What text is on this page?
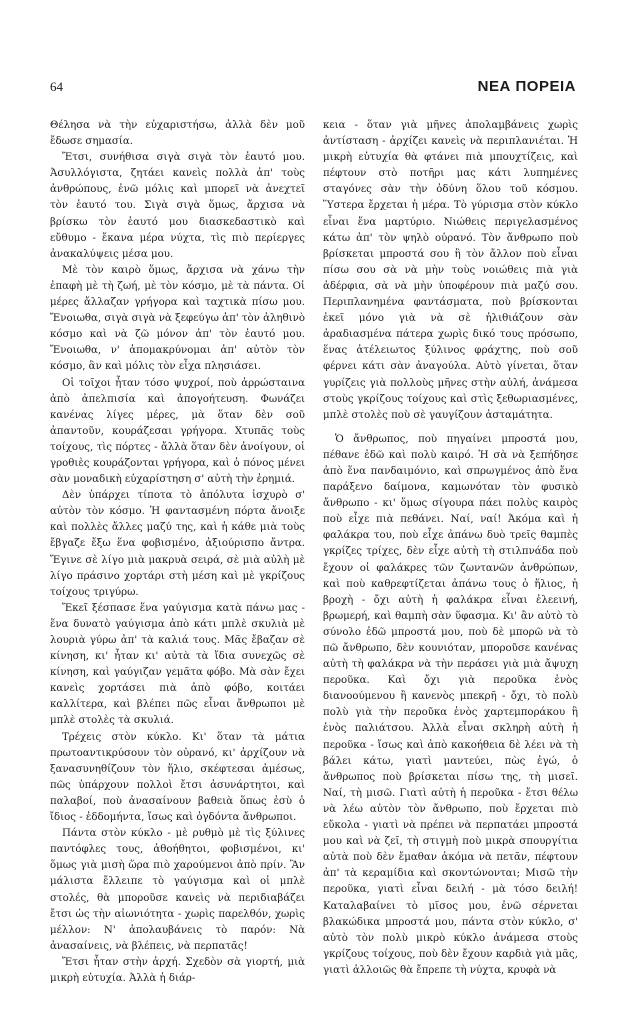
64	ΝΕΑ ΠΟΡΕΙΑ

Θέλησα νὰ τὴν εὐχαριστήσω, ἀλλὰ δὲν μοῦ ἔδωσε σημασία.

Ἔτσι, συνήθισα σιγὰ σιγὰ τὸν ἑαυτό μου. Ἀσυλλόγιστα, ζητάει κανεὶς πολλὰ ἀπ' τοὺς ἀνθρώπους, ἐνῶ μόλις καὶ μπορεῖ νὰ ἀνεχτεῖ τὸν ἑαυτό του. Σιγὰ σιγὰ ὅμως, ἄρχισα νὰ βρίσκω τὸν ἑαυτό μου διασκεδαστικὸ καὶ εὔθυμο - ἔκανα μέρα νύχτα, τὶς πιὸ περίεργες ἀνακαλύψεις μέσα μου.

Μὲ τὸν καιρὸ ὅμως, ἄρχισα νὰ χάνω τὴν ἐπαφὴ μὲ τὴ ζωή, μὲ τὸν κόσμο, μὲ τὰ πάντα. Οἱ μέρες ἄλλαζαν γρήγορα καὶ ταχτικὰ πίσω μου. Ἔνοιωθα, σιγὰ σιγὰ νὰ ξεφεύγω ἀπ' τὸν ἀληθινὸ κόσμο καὶ νὰ ζῶ μόνον ἀπ' τὸν ἑαυτό μου. Ἔνοιωθα, ν' ἀπομακρύνομαι ἀπ' αὐτὸν τὸν κόσμο, ἂν καὶ μόλις τὸν εἶχα πλησιάσει.

Οἱ τοῖχοι ἦταν τόσο ψυχροί, ποὺ ἀρρώσταινα ἀπὸ ἀπελπισία καὶ ἀπογοήτευση. Φωνάζει κανένας λίγες μέρες, μὰ ὅταν δὲν σοῦ ἀπαντοῦν, κουράζεσαι γρήγορα. Χτυπᾶς τοὺς τοίχους, τὶς πόρτες - ἄλλὰ ὅταν δὲν ἀνοίγουν, οἱ γροθιὲς κουράζονται γρήγορα, καὶ ὁ πόνος μένει σὰν μοναδικὴ εὐχαρίστηση σ' αὐτὴ τὴν ἐρημιά.

Δὲν ὑπάρχει τίποτα τὸ ἀπόλυτα ἰσχυρὸ σ' αὐτὸν τὸν κόσμο. Ἡ φαντασμένη πόρτα ἄνοιξε καὶ πολλὲς ἄλλες μαζύ της, καὶ ἡ κάθε μιὰ τοὺς ἔβγαζε ἔξω ἕνα φοβισμένο, ἀξιούρισπο ἄντρα. Ἔγινε σὲ λίγο μιὰ μακρυὰ σειρά, σὲ μιὰ αὐλὴ μὲ λίγο πράσινο χορτάρι στὴ μέση καὶ μὲ γκρίζους τοίχους τριγύρω.

Ἔκεῖ ξέσπασε ἕνα γαύγισμα κατὰ πάνω μας - ἕνα δυνατὸ γαύγισμα ἀπὸ κάτι μπλὲ σκυλιὰ μὲ λουριὰ γύρω ἀπ' τὰ καλιά τους. Μᾶς ἔβαζαν σὲ κίνηση, κι' ἦταν κι' αὐτὰ τὰ ἴδια συνεχῶς σὲ κίνηση, καὶ γαύγιζαν γεμᾶτα φόβο. Μὰ σὰν ἔχει κανεὶς χορτάσει πιὰ ἀπὸ φόβο, κοιτάει καλλίτερα, καὶ βλέπει πῶς εἶναι ἄνθρωποι μὲ μπλὲ στολὲς τὰ σκυλιά.

Τρέχεις στὸν κύκλο. Κι' ὅταν τὰ μάτια πρωτοαντικρύσουν τὸν οὐρανό, κι' ἀρχίζουν νὰ ξανασυνηθίζουν τὸν ἥλιο, σκέφτεσαι ἀμέσως, πῶς ὑπάρχουν πολλοὶ ἔτσι ἀσυνάρτητοι, καὶ παλαβοί, ποὺ ἀνασαίνουν βαθειὰ ὅπως ἐσὺ ὁ ἴδιος - ἐδδομήντα, ἴσως καὶ ὀγδόντα ἄνθρωποι.

Πάντα στὸν κύκλο - μὲ ρυθμὸ μὲ τὶς ξύλινες παντόφλες τους, ἀθοήθητοι, φοβισμένοι, κι' ὅμως γιὰ μισὴ ὥρα πιὸ χαρούμενοι ἀπὸ πρίν. Ἂν μάλιστα ἔλλειπε τὸ γαύγισμα καὶ οἱ μπλὲ στολές, θὰ μποροῦσε κανεὶς νὰ περιδιαβάζει ἔτσι ὡς τὴν αἰωνιότητα - χωρὶς παρελθόν, χωρὶς μέλλον: Ν' ἀπολαυβάνεις τὸ παρόν: Νὰ ἀνασαίνεις, νὰ βλέπεις, νὰ περπατᾶς!

Ἔτσι ἦταν στὴν ἀρχή. Σχεδὸν σὰ γιορτή, μιὰ μικρὴ εὐτυχία. Ἀλλὰ ἡ διάρ-

κεια - ὅταν γιὰ μῆνες ἀπολαμβάνεις χωρὶς ἀντίσταση - ἀρχίζει κανεὶς νὰ περιπλανιέται. Ἡ μικρὴ εὐτυχία θὰ φτάνει πιὰ μπουχτίζεις, καὶ πέφτουν στὸ ποτῆρι μας κάτι λυπημένες σταγόνες σὰν τὴν ὀδύνη ὅλου τοῦ κόσμου. Ὕστερα ἔρχεται ἡ μέρα. Τὸ γύρισμα στὸν κύκλο εἶναι ἕνα μαρτύριο. Νιώθεις περιγελασμένος κάτω ἀπ' τὸν ψηλὸ οὐρανό. Τὸν ἄνθρωπο ποὺ βρίσκεται μπροστά σου ἢ τὸν ἄλλον ποὺ εἶναι πίσω σου σὰ νὰ μὴν τοὺς νοιώθεις πιὰ γιὰ ἀδέρφια, σὰ νὰ μὴν ὑποφέρουν πιὰ μαζύ σου. Περιπλανημένα φαντάσματα, ποὺ βρίσκονται ἐκεῖ μόνο γιὰ νὰ σὲ ἠλιθιάζουν σὰν ἀραδιασμένα πάτερα χωρὶς δικό τους πρόσωπο, ἕνας ἀτέλειωτος ξύλινος φράχτης, ποὺ σοῦ φέρνει κάτι σὰν ἀναγούλα. Αὐτὸ γίνεται, ὅταν γυρίζεις γιὰ πολλοὺς μῆνες στὴν αὐλή, ἀνάμεσα στοὺς γκρίζους τοίχους καὶ στὶς ξεθωριασμένες, μπλὲ στολὲς ποὺ σὲ γαυγίζουν ἀσταμάτητα.

Ὁ ἄνθρωπος, ποὺ πηγαίνει μπροστά μου, πέθανε ἐδῶ καὶ πολὺ καιρό. Ἡ σὰ νὰ ξεπήδησε ἀπὸ ἕνα πανδαιμόνιο, καὶ σπρωγμένος ἀπὸ ἕνα παράξενο δαίμονα, καμωνόταν τὸν φυσικὸ ἄνθρωπο - κι' ὅμως σίγουρα πάει πολὺς καιρὸς ποὺ εἶχε πιὰ πεθάνει. Ναί, ναί! Ἀκόμα καὶ ἡ φαλάκρα του, ποὺ εἶχε ἀπάνω δυὸ τρεῖς θαμπὲς γκρίζες τρίχες, δὲν εἶχε αὐτὴ τὴ στιλπνάδα ποὺ ἔχουν οἱ φαλάκρες τῶν ζωντανῶν ἀνθρώπων, καὶ ποὺ καθρεφτίζεται ἀπάνω τους ὁ ἥλιος, ἡ βροχὴ - ὄχι αὐτὴ ἡ φαλάκρα εἶναι ἐλεεινή, βρωμερή, καὶ θαμπὴ σὰν ὕφασμα. Κι' ἂν αὐτὸ τὸ σύνολο ἐδῶ μπροστά μου, ποὺ δὲ μπορῶ νὰ τὸ πῶ ἄνθρωπο, δὲν κουνιόταν, μποροῦσε κανένας αὐτὴ τὴ φαλάκρα νὰ τὴν περάσει γιὰ μιὰ ἄψυχη περοῦκα. Καὶ ὄχι γιὰ περοῦκα ἑνὸς διανοούμενου ἢ κανενὸς μπεκρῆ - ὄχι, τὸ πολὺ πολὺ γιὰ τὴν περοῦκα ἑνὸς χαρτεμποράκου ἢ ἑνὸς παλιάτσου. Ἀλλὰ εἶναι σκληρὴ αὐτὴ ἡ περοῦκα - ἴσως καὶ ἀπὸ κακοήθεια δὲ λέει νὰ τὴ βάλει κάτω, γιατὶ μαντεύει, πὼς ἐγώ, ὁ ἄνθρωπος ποὺ βρίσκεται πίσω της, τὴ μισεῖ. Ναί, τὴ μισῶ. Γιατὶ αὐτὴ ἡ περοῦκα - ἔτσι θέλω νὰ λέω αὐτὸν τὸν ἄνθρωπο, ποὺ ἔρχεται πιὸ εὔκολα - γιατὶ νὰ πρέπει νὰ περπατάει μπροστά μου καὶ νὰ ζεῖ, τὴ στιγμὴ ποὺ μικρὰ σπουργίτια αὐτὰ ποὺ δὲν ἔμαθαν ἀκόμα νὰ πετᾶν, πέφτουν ἀπ' τὰ κεραμίδια καὶ σκοντώνονται; Μισῶ τὴν περοῦκα, γιατὶ εἶναι δειλή - μὰ τόσο δειλή! Καταλαβαίνει τὸ μῖσος μου, ἐνῶ σέρνεται βλακώδικα μπροστά μου, πάντα στὸν κύκλο, σ' αὐτὸ τὸν πολὺ μικρὸ κύκλο ἀνάμεσα στοὺς γκρίζους τοίχους, ποὺ δὲν ἔχουν καρδιὰ γιὰ μᾶς, γιατὶ ἀλλοιῶς θὰ ἔπρεπε τὴ νύχτα, κρυφὰ νὰ
